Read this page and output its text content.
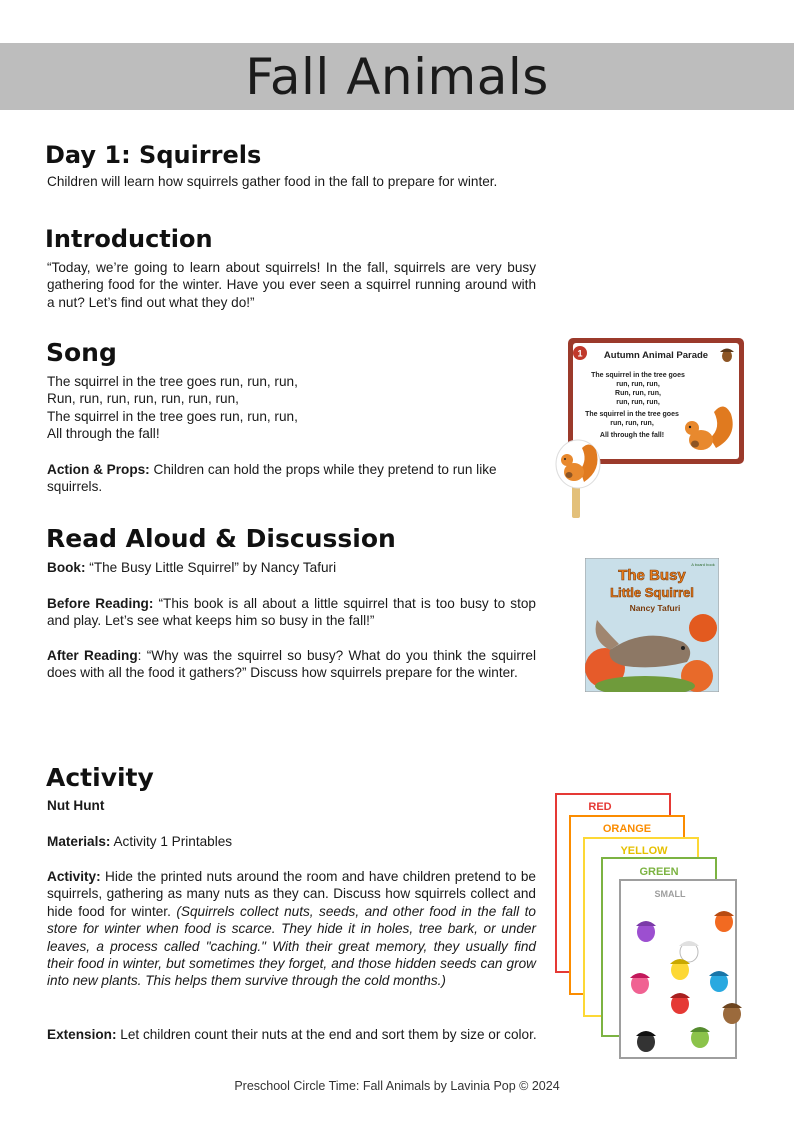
Fall Animals
Day 1: Squirrels

Children will learn how squirrels gather food in the fall to prepare for winter.

Introduction

“Today, we’re going to learn about squirrels! In the fall, squirrels are very busy gathering food for the winter. Have you ever seen a squirrel running around with a nut? Let’s find out what they do!”

Song
The squirrel in the tree goes run, run, run,
Run, run, run, run, run, run, run,
The squirrel in the tree goes run, run, run,
All through the fall!

Action & Props: Children can hold the props while they pretend to run like squirrels.

1 Autumn Animal Parade
The squirrel in the tree goes
run, run, run,
Run, run, run,
run, run, run,
The squirrel in the tree goes
run, run, run,
All through the fall!
Read Aloud & Discussion

Book: “The Busy Little Squirrel” by Nancy Tafuri

Before Reading: “This book is all about a little squirrel that is too busy to stop and play. Let’s see what keeps him so busy in the fall!”

After Reading: “Why was the squirrel so busy? What do you think the squirrel does with all the food it gathers?” Discuss how squirrels prepare for the winter.

The Busy
Little Squirrel
Nancy Tafuri
A board book
Activity

Nut Hunt

Materials: Activity 1 Printables

Activity: Hide the printed nuts around the room and have children pretend to be squirrels, gathering as many nuts as they can. Discuss how squirrels collect and hide food for winter. (Squirrels collect nuts, seeds, and other food in the fall to store for winter when food is scarce. They hide it in holes, tree bark, or under leaves, a process called "caching." With their great memory, they usually find their food in winter, but sometimes they forget, and those hidden seeds can grow into new plants. This helps them survive through the cold months.)

Extension: Let children count their nuts at the end and sort them by size or color.

RED
ORANGE
YELLOW
GREEN
SMALL
Preschool Circle Time: Fall Animals by Lavinia Pop © 2024
